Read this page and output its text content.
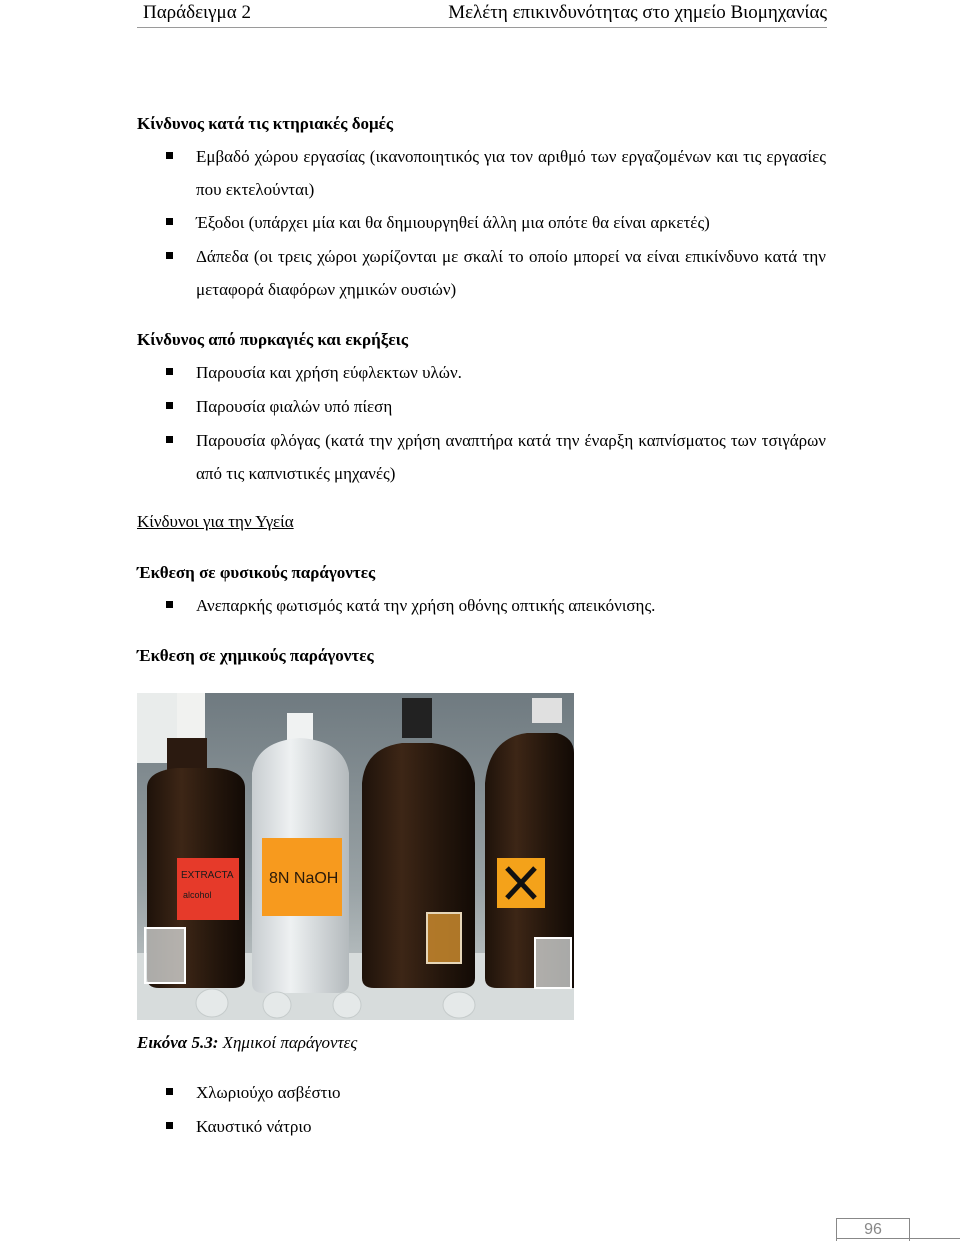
Παράδειγμα 2	Μελέτη επικινδυνότητας στο χημείο Βιομηχανίας
Κίνδυνος κατά τις κτηριακές δομές
Εμβαδό χώρου εργασίας (ικανοποιητικός για τον αριθμό των εργαζομένων και τις εργασίες που εκτελούνται)
Έξοδοι (υπάρχει μία και θα δημιουργηθεί άλλη μια οπότε θα είναι αρκετές)
Δάπεδα (οι τρεις χώροι χωρίζονται με σκαλί το οποίο μπορεί να είναι επικίνδυνο κατά την μεταφορά διαφόρων χημικών ουσιών)
Κίνδυνος από πυρκαγιές και εκρήξεις
Παρουσία και χρήση εύφλεκτων υλών.
Παρουσία φιαλών υπό πίεση
Παρουσία φλόγας (κατά την χρήση αναπτήρα κατά την έναρξη καπνίσματος των τσιγάρων από τις καπνιστικές μηχανές)
Κίνδυνοι για την Υγεία
Έκθεση σε φυσικούς παράγοντες
Ανεπαρκής φωτισμός κατά την χρήση οθόνης οπτικής απεικόνισης.
Έκθεση σε χημικούς παράγοντες
EXTRACTA
alcohol
8N NaOH
Εικόνα 5.3: Χημικοί παράγοντες
Χλωριούχο ασβέστιο
Καυστικό νάτριο
96
